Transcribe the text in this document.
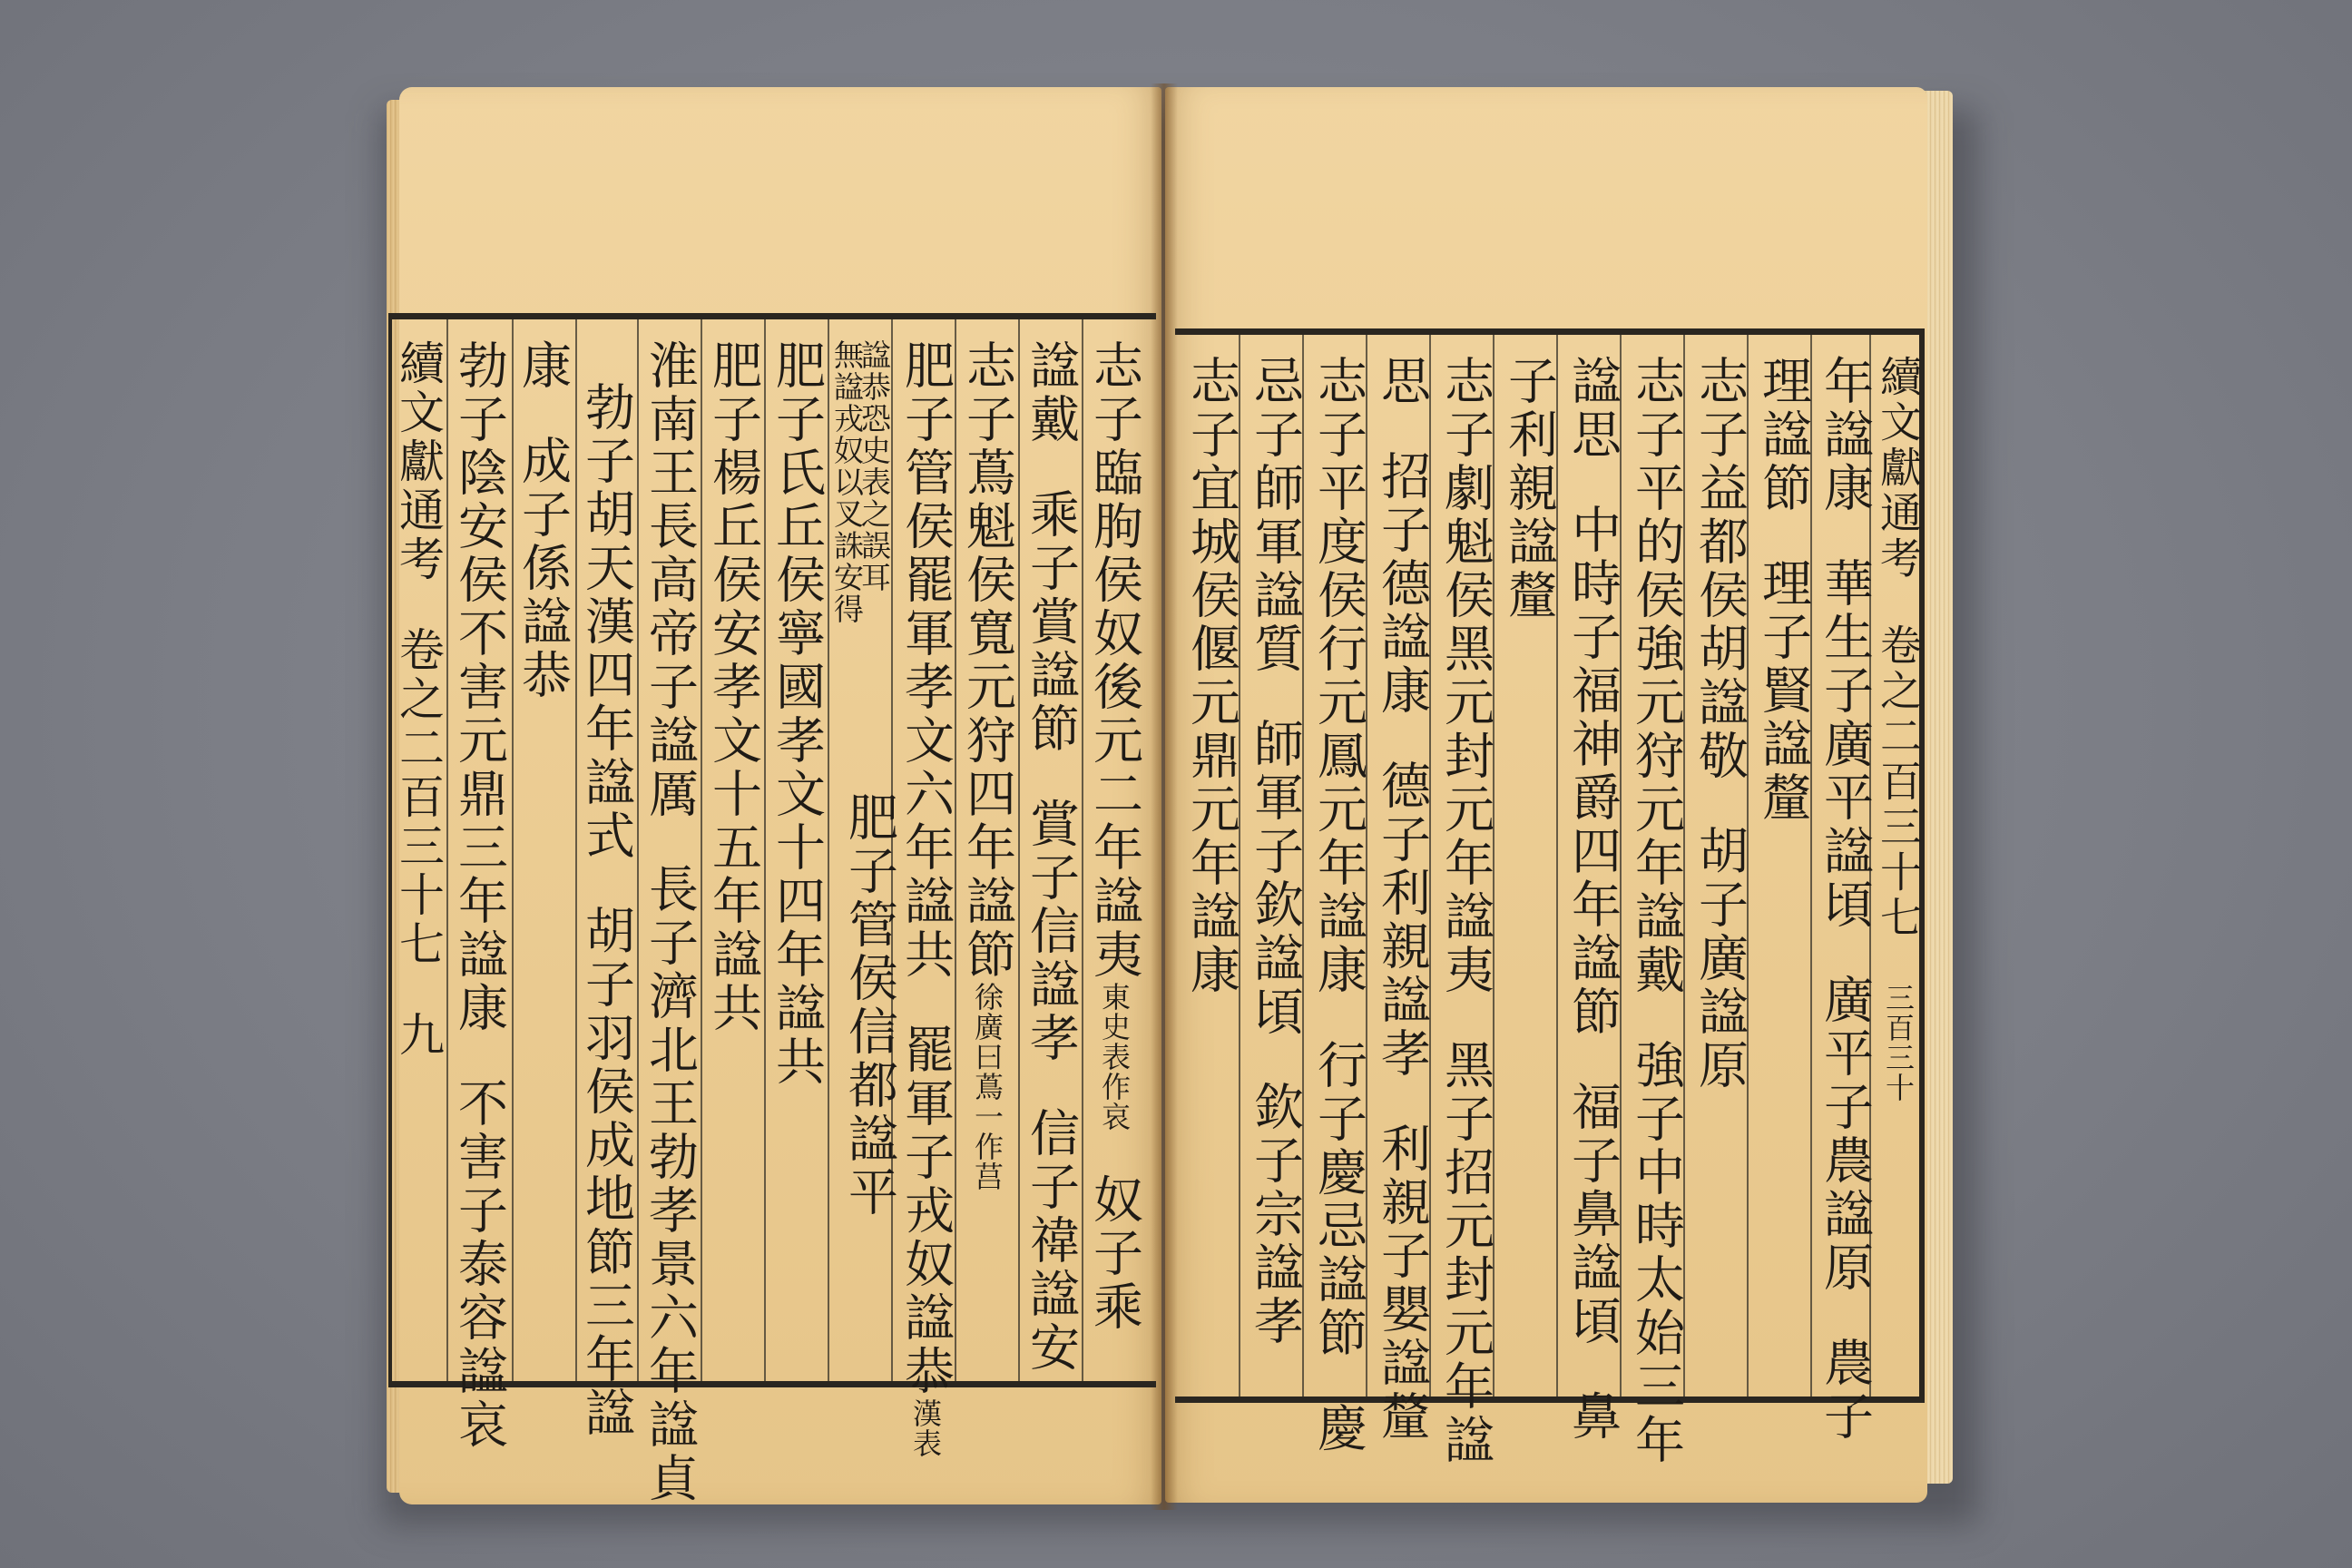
續文獻通考卷之二百三十七九 勃子陰安侯不害元鼎三年諡康不害子泰容諡哀
康成子係諡恭 勃子胡天漢四年諡式胡子羽侯成地節三年諡
淮南王長高帝子諡厲長子濟北王勃孝景六年諡貞
肥子楊丘侯安孝文十五年諡共 肥子氏丘侯寧國孝文十四年諡共 無諡戎奴以叉誅安得
諡恭恐史表之誤耳
肥子管侯信都諡平
肥子管侯罷軍孝文六年諡共罷軍子戎奴諡恭漢表
志子蔦魁侯寬元狩四年諡節徐廣曰蔦一作莒
諡戴乘子賞諡節賞子信諡孝信子禕諡安
志子臨朐侯奴後元二年諡夷東史表作哀奴子乘
志子宜城侯偃元鼎元年諡康 忌子師軍諡質師軍子欽諡頃欽子宗諡孝
志子平度侯行元鳳元年諡康行子慶忌諡節慶
思招子德諡康德子利親諡孝利親子嬰諡釐
志子劇魁侯黑元封元年諡夷黑子招元封元年諡
子利親諡釐 諡思中時子福神爵四年諡節福子鼻諡頃鼻
志子平的侯強元狩元年諡戴強子中時太始三年
志子益都侯胡諡敬胡子廣諡原
理諡節理子賢諡釐
年諡康華生子廣平諡頃廣平子農諡原農子
續文獻通考卷之二百三十七三百三十
